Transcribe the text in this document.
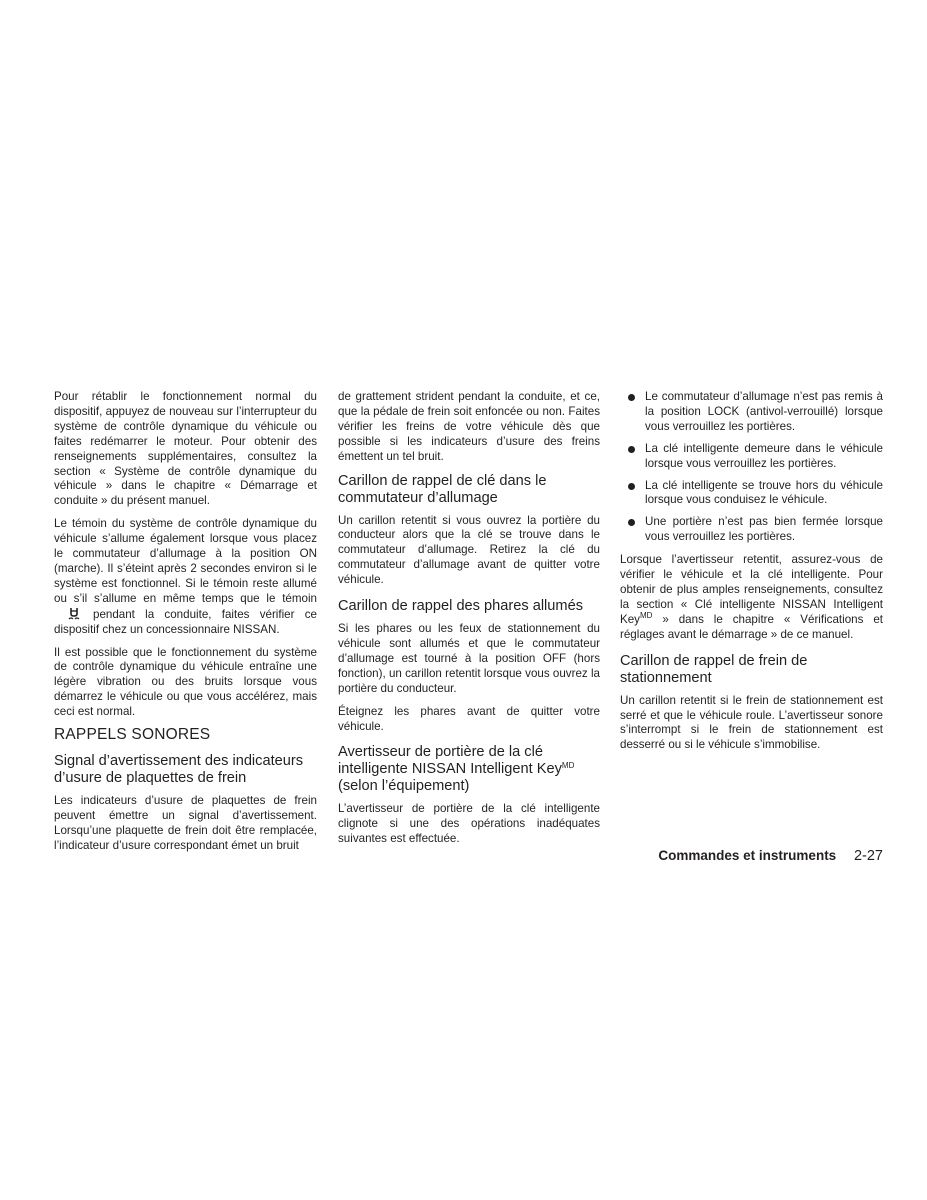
Pour rétablir le fonctionnement normal du dispositif, appuyez de nouveau sur l’interrupteur du système de contrôle dynamique du véhicule ou faites redémarrer le moteur. Pour obtenir des renseignements supplémentaires, consultez la section « Système de contrôle dynamique du véhicule » dans le chapitre « Démarrage et conduite » du présent manuel.

Le témoin du système de contrôle dynamique du véhicule s’allume également lorsque vous placez le commutateur d’allumage à la position ON (marche). Il s’éteint après 2 secondes environ si le système est fonctionnel. Si le témoin reste allumé ou s’il s’allume en même temps que le témoinpendant la conduite, faites vérifier ce dispositif chez un concessionnaire NISSAN.

Il est possible que le fonctionnement du système de contrôle dynamique du véhicule entraîne une légère vibration ou des bruits lorsque vous démarrez le véhicule ou que vous accélérez, mais ceci est normal.

RAPPELS SONORES
Signal d’avertissement des indicateurs d’usure de plaquettes de frein

Les indicateurs d’usure de plaquettes de frein peuvent émettre un signal d’avertissement. Lorsqu’une plaquette de frein doit être remplacée, l’indicateur d’usure correspondant émet un bruit

de grattement strident pendant la conduite, et ce, que la pédale de frein soit enfoncée ou non. Faites vérifier les freins de votre véhicule dès que possible si les indicateurs d’usure des freins émettent un tel bruit.

Carillon de rappel de clé dans le commutateur d’allumage

Un carillon retentit si vous ouvrez la portière du conducteur alors que la clé se trouve dans le commutateur d’allumage. Retirez la clé du commutateur d’allumage avant de quitter votre véhicule.

Carillon de rappel des phares allumés

Si les phares ou les feux de stationnement du véhicule sont allumés et que le commutateur d’allumage est tourné à la position OFF (hors fonction), un carillon retentit lorsque vous ouvrez la portière du conducteur.

Éteignez les phares avant de quitter votre véhicule.

Avertisseur de portière de la clé intelligente NISSAN Intelligent Key$^{MD}$
(selon l’équipement)

L’avertisseur de portière de la clé intelligente clignote si une des opérations inadéquates suivantes est effectuée.

Le commutateur d’allumage n’est pas remis à la position LOCK (antivol-verrouillé) lorsque vous verrouillez les portières.
La clé intelligente demeure dans le véhicule lorsque vous verrouillez les portières.
La clé intelligente se trouve hors du véhicule lorsque vous conduisez le véhicule.
Une portière n’est pas bien fermée lorsque vous verrouillez les portières.

Lorsque l’avertisseur retentit, assurez-vous de vérifier le véhicule et la clé intelligente. Pour obtenir de plus amples renseignements, consultez la section « Clé intelligente NISSAN Intelligent Key$^{MD}$ » dans le chapitre « Vérifications et réglages avant le démarrage » de ce manuel.

Carillon de rappel de frein de stationnement

Un carillon retentit si le frein de stationnement est serré et que le véhicule roule. L’avertisseur sonore s’interrompt si le frein de stationnement est desserré ou si le véhicule s’immobilise.

Commandes et instruments 2-27
